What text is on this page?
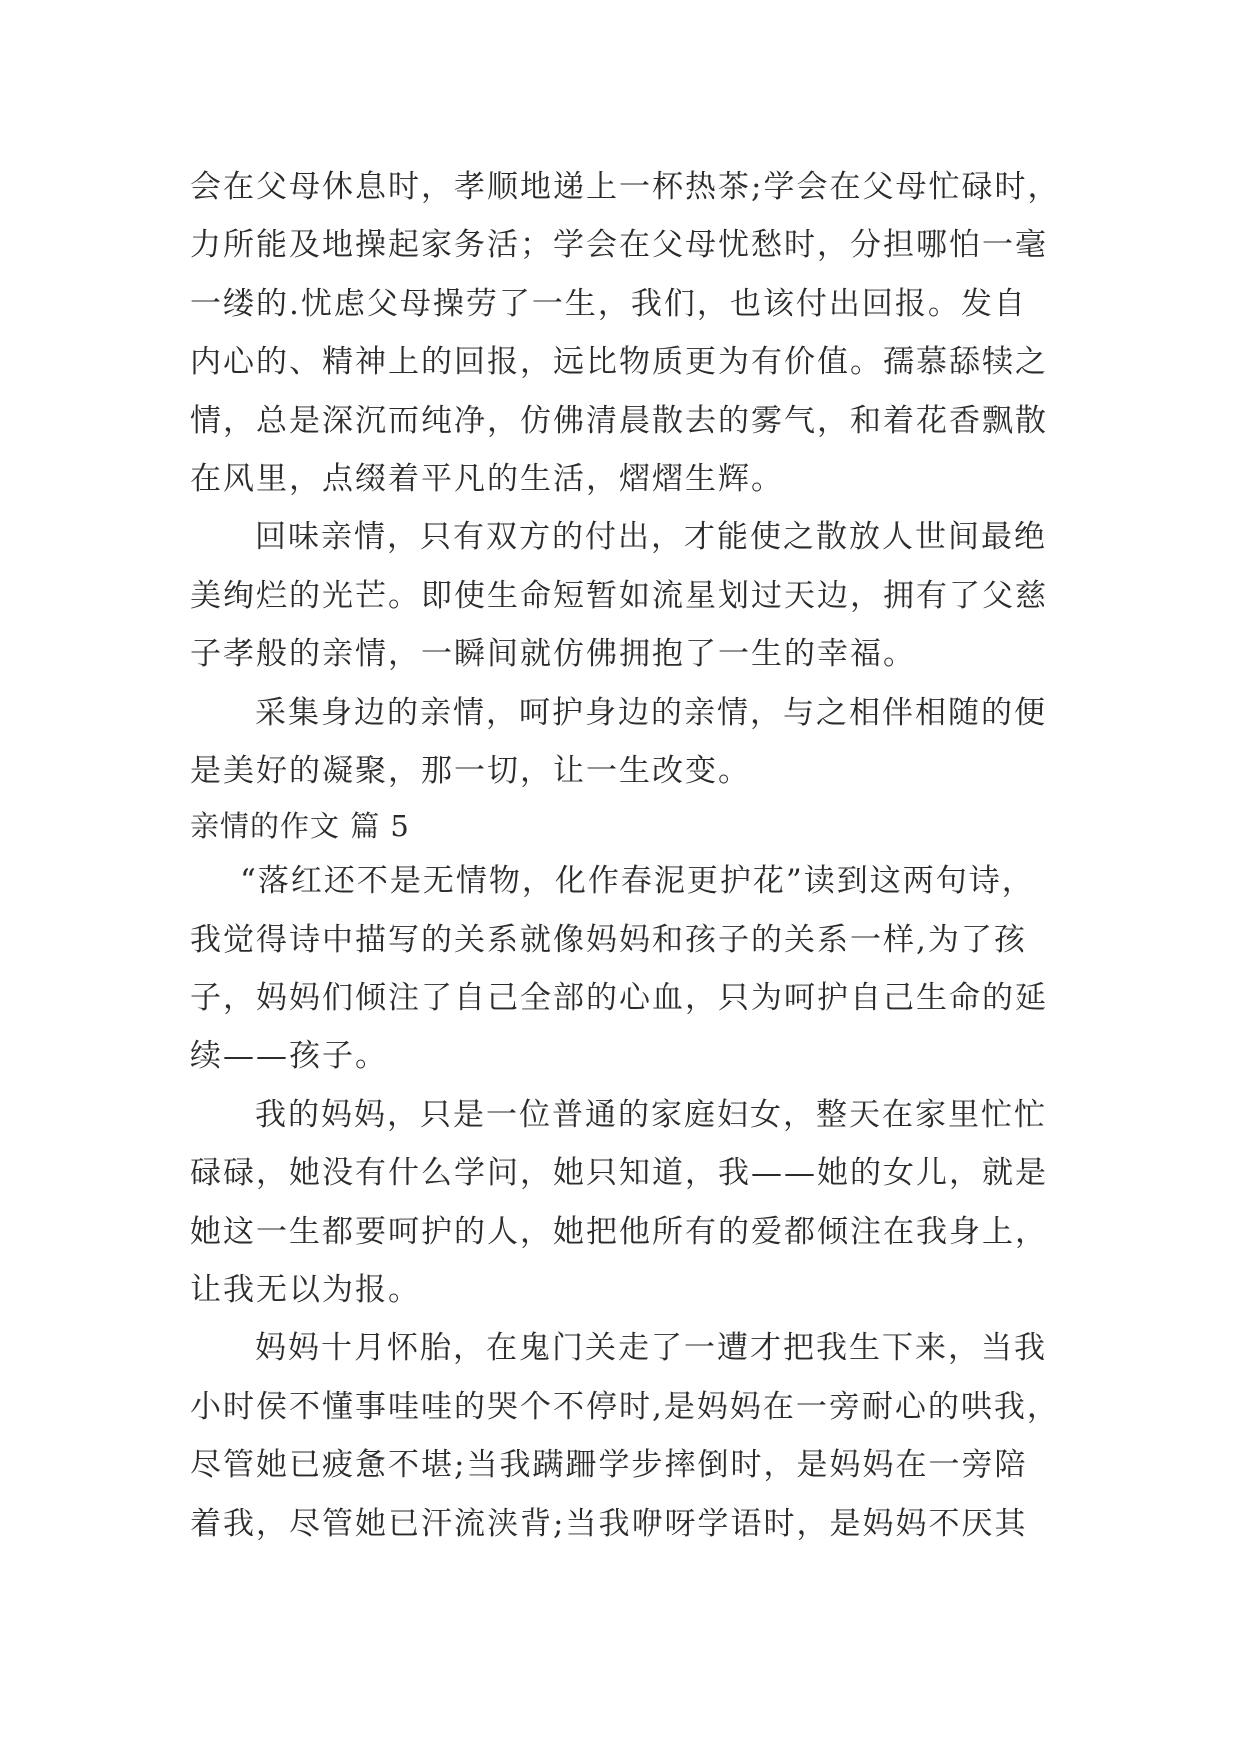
会在父母休息时，孝顺地递上一杯热茶;学会在父母忙碌时，
力所能及地操起家务活；学会在父母忧愁时，分担哪怕一毫
一缕的.忧虑父母操劳了一生，我们，也该付出回报。发自
内心的、精神上的回报，远比物质更为有价值。孺慕舔犊之
情，总是深沉而纯净，仿佛清晨散去的雾气，和着花香飘散
在风里，点缀着平凡的生活，熠熠生辉。
回味亲情，只有双方的付出，才能使之散放人世间最绝
美绚烂的光芒。即使生命短暂如流星划过天边，拥有了父慈
子孝般的亲情，一瞬间就仿佛拥抱了一生的幸福。
采集身边的亲情，呵护身边的亲情，与之相伴相随的便
是美好的凝聚，那一切，让一生改变。
亲情的作文 篇 5
“落红还不是无情物，化作春泥更护花”读到这两句诗，
我觉得诗中描写的关系就像妈妈和孩子的关系一样,为了孩
子，妈妈们倾注了自己全部的心血，只为呵护自己生命的延
续——孩子。
我的妈妈，只是一位普通的家庭妇女，整天在家里忙忙
碌碌，她没有什么学问，她只知道，我——她的女儿，就是
她这一生都要呵护的人，她把他所有的爱都倾注在我身上，
让我无以为报。
妈妈十月怀胎，在鬼门关走了一遭才把我生下来，当我
小时侯不懂事哇哇的哭个不停时,是妈妈在一旁耐心的哄我，
尽管她已疲惫不堪;当我蹒跚学步摔倒时，是妈妈在一旁陪
着我，尽管她已汗流浃背;当我咿呀学语时，是妈妈不厌其
